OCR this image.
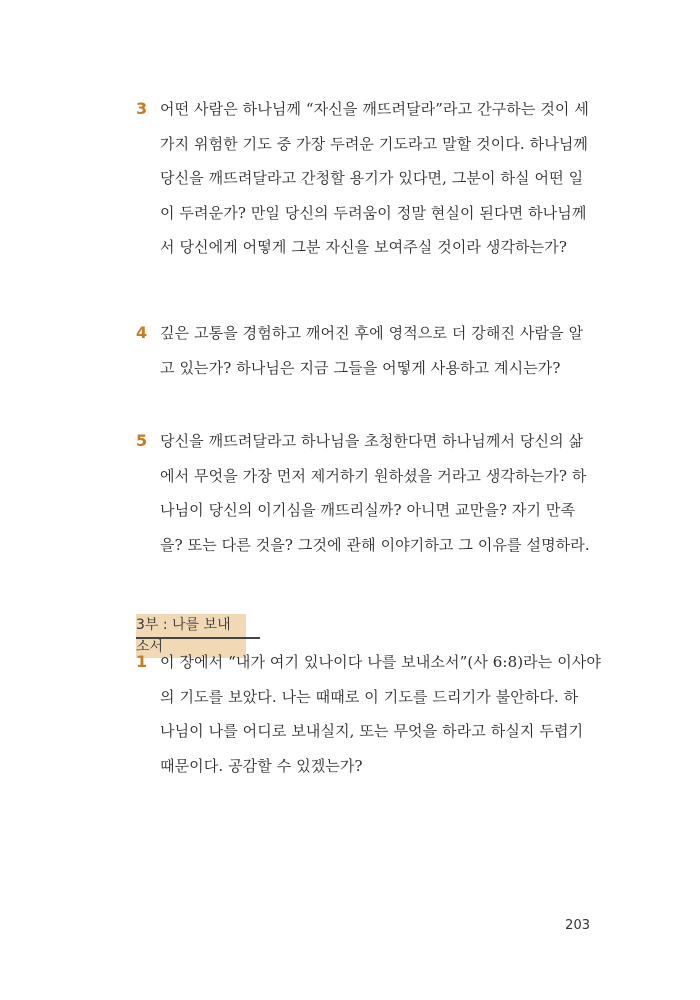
3 어떤 사람은 하나님께 “자신을 깨뜨려달라”라고 간구하는 것이 세
가지 위험한 기도 중 가장 두려운 기도라고 말할 것이다. 하나님께
당신을 깨뜨려달라고 간청할 용기가 있다면, 그분이 하실 어떤 일
이 두려운가? 만일 당신의 두려움이 정말 현실이 된다면 하나님께
서 당신에게 어떻게 그분 자신을 보여주실 것이라 생각하는가?
4 깊은 고통을 경험하고 깨어진 후에 영적으로 더 강해진 사람을 알
고 있는가? 하나님은 지금 그들을 어떻게 사용하고 계시는가?
5 당신을 깨뜨려달라고 하나님을 초청한다면 하나님께서 당신의 삶
에서 무엇을 가장 먼저 제거하기 원하셨을 거라고 생각하는가? 하
나님이 당신의 이기심을 깨뜨리실까? 아니면 교만을? 자기 만족
을? 또는 다른 것을? 그것에 관해 이야기하고 그 이유를 설명하라.
3부 : 나를 보내소서
1 이 장에서 “내가 여기 있나이다 나를 보내소서”(사 6:8)라는 이사야
의 기도를 보았다. 나는 때때로 이 기도를 드리기가 불안하다. 하
나님이 나를 어디로 보내실지, 또는 무엇을 하라고 하실지 두렵기
때문이다. 공감할 수 있겠는가?
203
